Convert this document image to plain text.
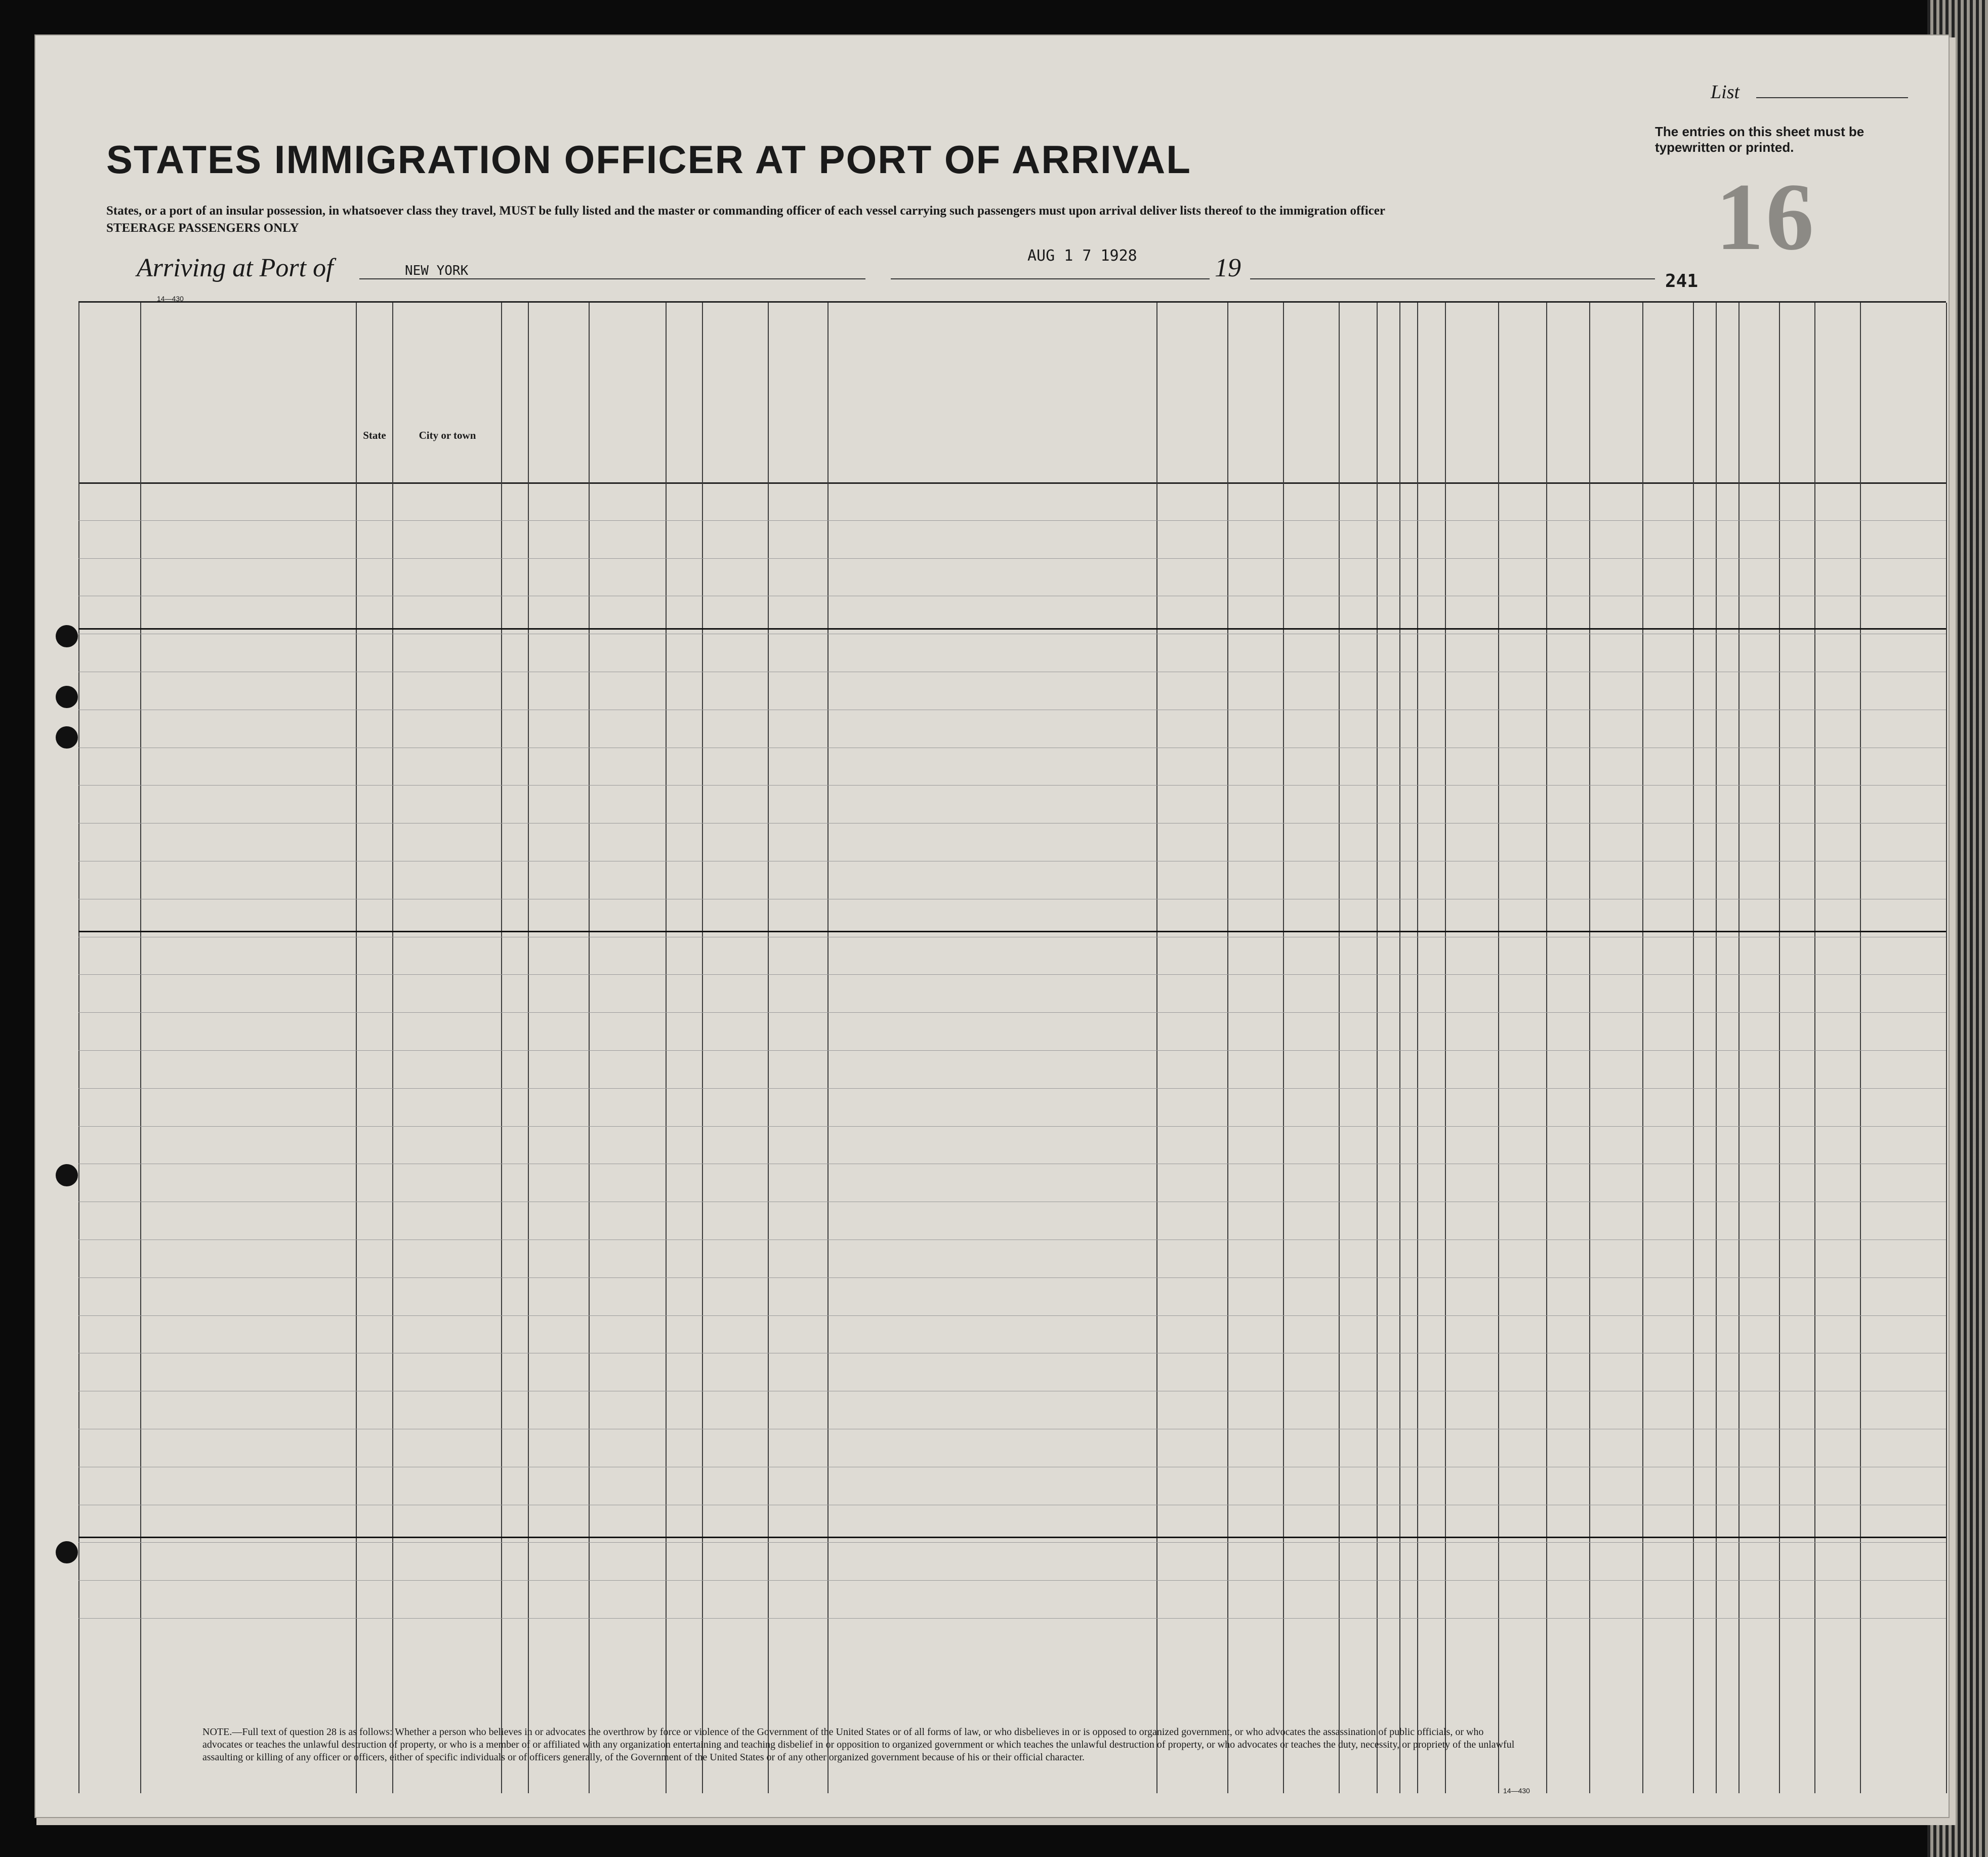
List
The entries on this sheet must be typewritten or printed.
16
STATES IMMIGRATION OFFICER AT PORT OF ARRIVAL
States, or a port of an insular possession, in whatsoever class they travel, MUST be fully listed and the master or commanding officer of each vessel carrying such passengers must upon arrival deliver lists thereof to the immigration officer
STEERAGE PASSENGERS ONLY
Arriving at Port of	NEW YORK
AUG 1 7 1928	19	241
14—430
State	City or town
NOTE.—Full text of question 28 is as follows: Whether a person who believes in or advocates the overthrow by force or violence of the Government of the United States or of all forms of law, or who disbelieves in or is opposed to organized government, or who advocates the assassination of public officials, or who advocates or teaches the unlawful destruction of property, or who is a member of or affiliated with any organization entertaining and teaching disbelief in or opposition to organized government or which teaches the unlawful destruction of property, or who advocates or teaches the duty, necessity, or propriety of the unlawful assaulting or killing of any officer or officers, either of specific individuals or of officers generally, of the Government of the United States or of any other organized government because of his or their official character.
14—430
